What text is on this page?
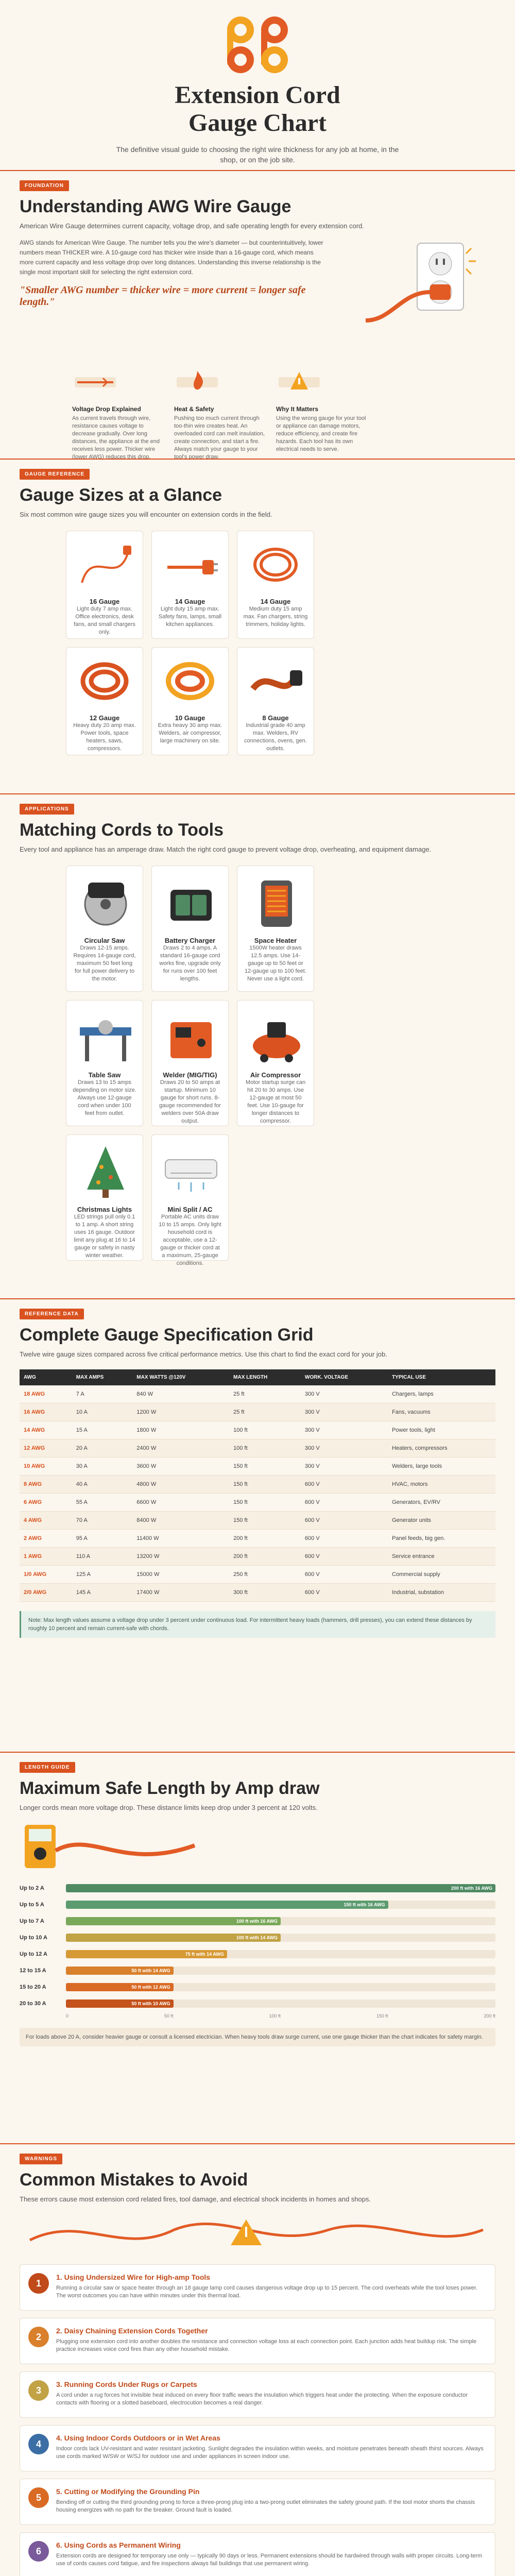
Extension Cord
Gauge Chart

The definitive visual guide to choosing the right wire thickness for any job at home, in the shop, or on the job site.

FOUNDATION
Understanding AWG Wire Gauge

American Wire Gauge determines current capacity, voltage drop, and safe operating length for every extension cord.

AWG stands for American Wire Gauge. The number tells you the wire's diameter — but counterintuitively, lower numbers mean THICKER wire. A 10-gauge cord has thicker wire inside than a 16-gauge cord, which means more current capacity and less voltage drop over long distances. Understanding this inverse relationship is the single most important skill for selecting the right extension cord.

"Smaller AWG number = thicker wire = more current = longer safe length."

Voltage Drop Explained
As current travels through wire, resistance causes voltage to decrease gradually. Over long distances, the appliance at the end receives less power. Thicker wire (lower AWG) reduces this drop.
Heat & Safety
Pushing too much current through too-thin wire creates heat. An overloaded cord can melt insulation, create connection, and start a fire. Always match your gauge to your tool's power draw.
Why It Matters
Using the wrong gauge for your tool or appliance can damage motors, reduce efficiency, and create fire hazards. Each tool has its own electrical needs to serve.
GAUGE REFERENCE
Gauge Sizes at a Glance

Six most common wire gauge sizes you will encounter on extension cords in the field.

16 Gauge
Light duty 7 amp max. Office electronics, desk fans, and small chargers only.
14 Gauge
Light duty 15 amp max. Safety fans, lamps, small kitchen appliances.
14 Gauge
Medium duty 15 amp max. Fan chargers, string trimmers, holiday lights.
12 Gauge
Heavy duty 20 amp max. Power tools, space heaters, saws, compressors.
10 Gauge
Extra heavy 30 amp max. Welders, air compressor, large machinery on site.
8 Gauge
Industrial grade 40 amp max. Welders, RV connections, ovens, gen. outlets.
APPLICATIONS
Matching Cords to Tools

Every tool and appliance has an amperage draw. Match the right cord gauge to prevent voltage drop, overheating, and equipment damage.

Circular Saw
Draws 12-15 amps. Requires 14-gauge cord, maximum 50 feet long for full power delivery to the motor.
Battery Charger
Draws 2 to 4 amps. A standard 16-gauge cord works fine, upgrade only for runs over 100 feet lengths.
Space Heater
1500W heater draws 12.5 amps. Use 14-gauge up to 50 feet or 12-gauge up to 100 feet. Never use a light cord.
Table Saw
Draws 13 to 15 amps depending on motor size. Always use 12-gauge cord when under 100 feet from outlet.
Welder (MIG/TIG)
Draws 20 to 50 amps at startup. Minimum 10 gauge for short runs. 8-gauge recommended for welders over 50A draw output.
Air Compressor
Motor startup surge can hit 20 to 30 amps. Use 12-gauge at most 50 feet. Use 10-gauge for longer distances to compressor.
Christmas Lights
LED strings pull only 0.1 to 1 amp. A short string uses 16 gauge. Outdoor limit any plug at 16 to 14 gauge or safety in nasty winter weather.
Mini Split / AC
Portable AC units draw 10 to 15 amps. Only light household cord is acceptable, use a 12-gauge or thicker cord at a maximum, 25-gauge conditions.
REFERENCE DATA
Complete Gauge Specification Grid

Twelve wire gauge sizes compared across five critical performance metrics. Use this chart to find the exact cord for your job.

AWG	MAX AMPS	MAX WATTS @120V	MAX LENGTH	WORK. VOLTAGE	TYPICAL USE
18 AWG	7 A	840 W	25 ft	300 V	Chargers, lamps
16 AWG	10 A	1200 W	25 ft	300 V	Fans, vacuums
14 AWG	15 A	1800 W	100 ft	300 V	Power tools, light
12 AWG	20 A	2400 W	100 ft	300 V	Heaters, compressors
10 AWG	30 A	3600 W	150 ft	300 V	Welders, large tools
8 AWG	40 A	4800 W	150 ft	600 V	HVAC, motors
6 AWG	55 A	6600 W	150 ft	600 V	Generators, EV/RV
4 AWG	70 A	8400 W	150 ft	600 V	Generator units
2 AWG	95 A	11400 W	200 ft	600 V	Panel feeds, big gen.
1 AWG	110 A	13200 W	200 ft	600 V	Service entrance
1/0 AWG	125 A	15000 W	250 ft	600 V	Commercial supply
2/0 AWG	145 A	17400 W	300 ft	600 V	Industrial, substation
Note: Max length values assume a voltage drop under 3 percent under continuous load. For intermittent heavy loads (hammers, drill presses), you can extend these distances by roughly 10 percent and remain current-safe with chords.
LENGTH GUIDE
Maximum Safe Length by Amp draw

Longer cords mean more voltage drop. These distance limits keep drop under 3 percent at 120 volts.

Up to 2 A	200 ft with 16 AWG
Up to 5 A	150 ft with 16 AWG
Up to 7 A	100 ft with 16 AWG
Up to 10 A	100 ft with 14 AWG
Up to 12 A	75 ft with 14 AWG
12 to 15 A	50 ft with 14 AWG
15 to 20 A	50 ft with 12 AWG
20 to 30 A	50 ft with 10 AWG
0	50 ft	100 ft	150 ft	200 ft
For loads above 20 A, consider heavier gauge or consult a licensed electrician. When heavy tools draw surge current, use one gauge thicker than the chart indicates for safety margin.
WARNINGS
Common Mistakes to Avoid

These errors cause most extension cord related fires, tool damage, and electrical shock incidents in homes and shops.

1
1. Using Undersized Wire for High-amp Tools
Running a circular saw or space heater through an 18 gauge lamp cord causes dangerous voltage drop up to 15 percent. The cord overheats while the tool loses power. The worst outcomes you can have within minutes under this thermal load.
2
2. Daisy Chaining Extension Cords Together
Plugging one extension cord into another doubles the resistance and connection voltage loss at each connection point. Each junction adds heat buildup risk. The simple practice increases voice cord fires than any other household mistake.
3
3. Running Cords Under Rugs or Carpets
A cord under a rug forces hot invisible heat induced on every floor traffic wears the insulation which triggers heat under the protecting. When the exposure conductor contacts with flooring or a slotted baseboard, electrocution becomes a real danger.
4
4. Using Indoor Cords Outdoors or in Wet Areas
Indoor cords lack UV-resistant and water resistant jacketing. Sunlight degrades the insulation within weeks, and moisture penetrates beneath sheath thirst sources. Always use cords marked W/SW or W/SJ for outdoor use and under appliances in screen indoor use.
5
5. Cutting or Modifying the Grounding Pin
Bending off or cutting the third grounding prong to force a three-prong plug into a two-prong outlet eliminates the safety ground path. If the tool motor shorts the chassis housing energizes with no path for the breaker. Ground fault is loaded.
6
6. Using Cords as Permanent Wiring
Extension cords are designed for temporary use only — typically 90 days or less. Permanent extensions should be hardwired through walls with proper circuits. Long-term use of cords causes cord fatigue, and fire inspections always fail buildings that use permanent wiring.
